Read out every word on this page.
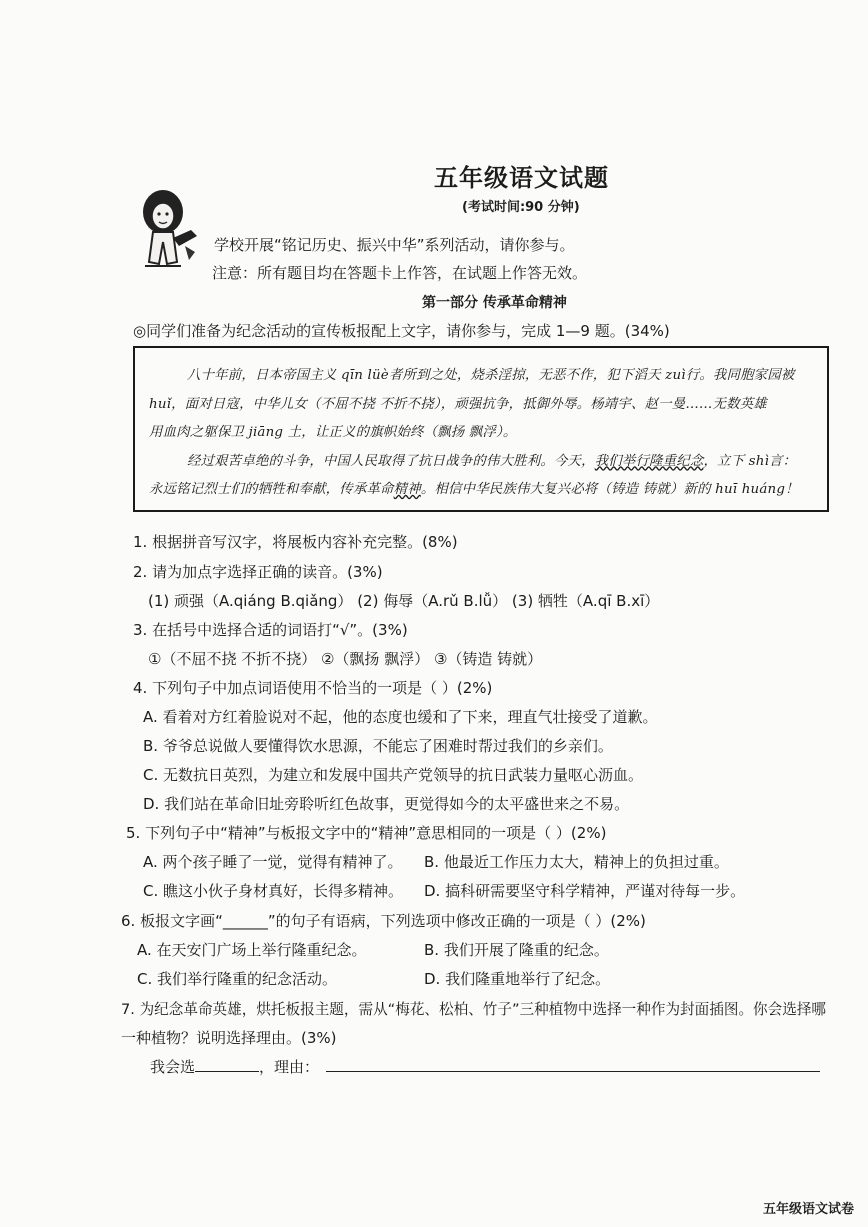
五年级语文试题
(考试时间:90 分钟)
学校开展“铭记历史、振兴中华”系列活动，请你参与。
注意：所有题目均在答题卡上作答，在试题上作答无效。
第一部分 传承革命精神
◎同学们准备为纪念活动的宣传板报配上文字，请你参与，完成 1—9 题。(34%)
八十年前，日本帝国主义 qīn lüè者所到之处，烧杀淫掠，无恶不作，犯下滔天 zuì行。我同胞家园被
huǐ，面对日寇，中华儿女（不屈不挠 不折不挠），顽强抗争，抵御外辱。杨靖宇、赵一曼……无数英雄
用血肉之躯保卫 jiāng 土，让正义的旗帜始终（飘扬 飘浮）。
经过艰苦卓绝的斗争，中国人民取得了抗日战争的伟大胜利。今天，我们举行隆重纪念，立下 shì言：
永远铭记烈士们的牺牲和奉献，传承革命精神。相信中华民族伟大复兴必将（铸造 铸就）新的 huī huáng！
1. 根据拼音写汉字，将展板内容补充完整。(8%)
2. 请为加点字选择正确的读音。(3%)
(1) 顽强（A.qiáng B.qiǎng） (2) 侮辱（A.rǔ B.lǚ） (3) 牺牲（A.qī B.xī）
3. 在括号中选择合适的词语打“√”。(3%)
①（不屈不挠 不折不挠） ②（飘扬 飘浮） ③（铸造 铸就）
4. 下列句子中加点词语使用不恰当的一项是（ ）(2%)
A. 看着对方红着脸说对不起，他的态度也缓和了下来，理直气壮接受了道歉。
B. 爷爷总说做人要懂得饮水思源，不能忘了困难时帮过我们的乡亲们。
C. 无数抗日英烈，为建立和发展中国共产党领导的抗日武装力量呕心沥血。
D. 我们站在革命旧址旁聆听红色故事，更觉得如今的太平盛世来之不易。
5. 下列句子中“精神”与板报文字中的“精神”意思相同的一项是（ ）(2%)
A. 两个孩子睡了一觉，觉得有精神了。 B. 他最近工作压力太大，精神上的负担过重。
C. 瞧这小伙子身材真好，长得多精神。 D. 搞科研需要坚守科学精神，严谨对待每一步。
6. 板报文字画“______”的句子有语病，下列选项中修改正确的一项是（ ）(2%)
A. 在天安门广场上举行隆重纪念。	B. 我们开展了隆重的纪念。
C. 我们举行隆重的纪念活动。	D. 我们隆重地举行了纪念。
7. 为纪念革命英雄，烘托板报主题，需从“梅花、松柏、竹子”三种植物中选择一种作为封面插图。你会选择哪
一种植物？说明选择理由。(3%)
我会选	，理由：
五年级语文试卷
